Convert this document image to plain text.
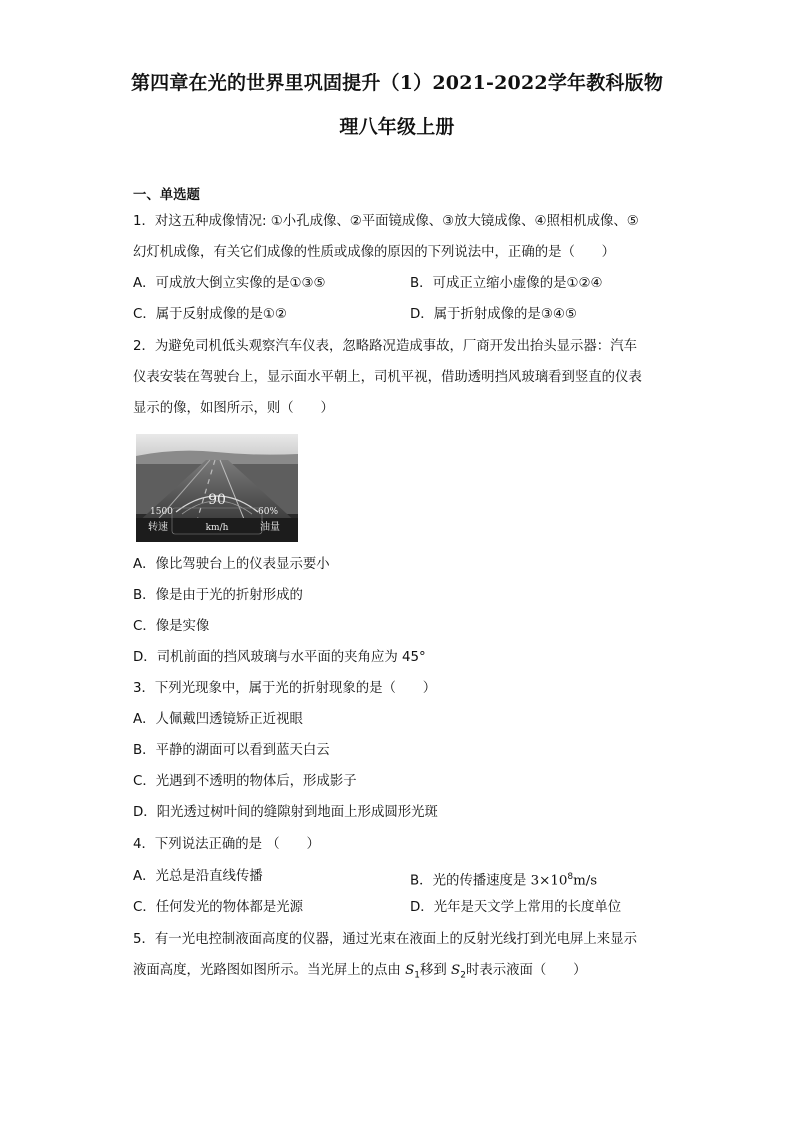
第四章在光的世界里巩固提升（1）2021-2022学年教科版物
理八年级上册
一、单选题
1．对这五种成像情况: ①小孔成像、②平面镜成像、③放大镜成像、④照相机成像、⑤
幻灯机成像，有关它们成像的性质或成像的原因的下列说法中，正确的是（　　）
A．可成放大倒立实像的是①③⑤	B．可成正立缩小虚像的是①②④
C．属于反射成像的是①②	D．属于折射成像的是③④⑤
2．为避免司机低头观察汽车仪表，忽略路况造成事故，厂商开发出抬头显示器：汽车
仪表安装在驾驶台上，显示面水平朝上，司机平视，借助透明挡风玻璃看到竖直的仪表
显示的像，如图所示，则（　　）
90
1500	60%
转速	km/h	油量
A．像比驾驶台上的仪表显示要小
B．像是由于光的折射形成的
C．像是实像
D．司机前面的挡风玻璃与水平面的夹角应为 45°
3．下列光现象中，属于光的折射现象的是（　　）
A．人佩戴凹透镜矫正近视眼
B．平静的湖面可以看到蓝天白云
C．光遇到不透明的物体后，形成影子
D．阳光透过树叶间的缝隙射到地面上形成圆形光斑
4．下列说法正确的是 （　　）
A．光总是沿直线传播	B．光的传播速度是 $3\times 10^8m/s$
C．任何发光的物体都是光源	D．光年是天文学上常用的长度单位
5．有一光电控制液面高度的仪器，通过光束在液面上的反射光线打到光电屏上来显示
液面高度，光路图如图所示。当光屏上的点由 $S_1$移到 $S_2$时表示液面（　　）
